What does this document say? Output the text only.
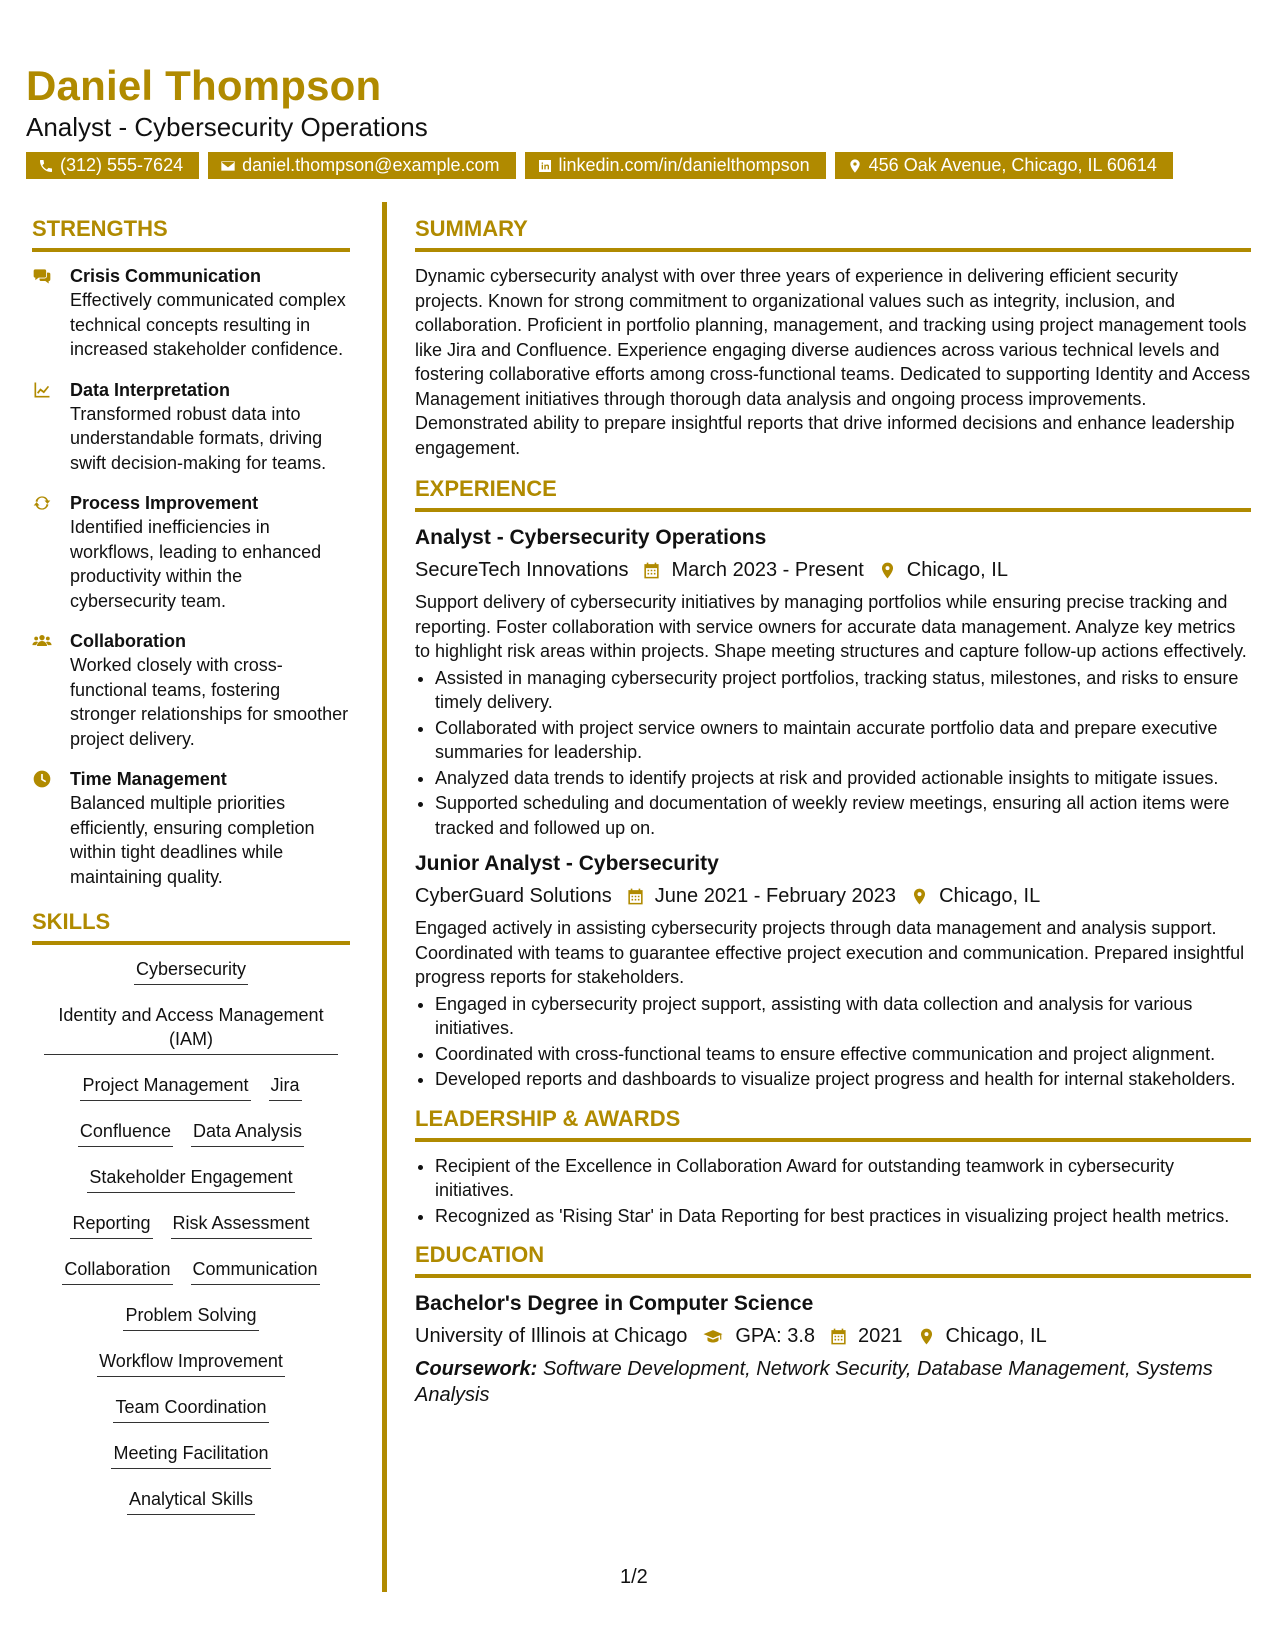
Daniel Thompson
Analyst - Cybersecurity Operations
(312) 555-7624	daniel.thompson@example.com	linkedin.com/in/danielthompson	456 Oak Avenue, Chicago, IL 60614
STRENGTHS
Crisis Communication

Effectively communicated complex technical concepts resulting in increased stakeholder confidence.

Data Interpretation

Transformed robust data into understandable formats, driving swift decision-making for teams.

Process Improvement

Identified inefficiencies in workflows, leading to enhanced productivity within the cybersecurity team.

Collaboration

Worked closely with cross-functional teams, fostering stronger relationships for smoother project delivery.

Time Management

Balanced multiple priorities efficiently, ensuring completion within tight deadlines while maintaining quality.

SKILLS
Cybersecurity
Identity and Access Management (IAM)
Project Management Jira
Confluence Data Analysis
Stakeholder Engagement
Reporting Risk Assessment
Collaboration Communication
Problem Solving
Workflow Improvement
Team Coordination
Meeting Facilitation
Analytical Skills
SUMMARY

Dynamic cybersecurity analyst with over three years of experience in delivering efficient security projects. Known for strong commitment to organizational values such as integrity, inclusion, and collaboration. Proficient in portfolio planning, management, and tracking using project management tools like Jira and Confluence. Experience engaging diverse audiences across various technical levels and fostering collaborative efforts among cross-functional teams. Dedicated to supporting Identity and Access Management initiatives through thorough data analysis and ongoing process improvements. Demonstrated ability to prepare insightful reports that drive informed decisions and enhance leadership engagement.

EXPERIENCE
Analyst - Cybersecurity Operations
SecureTech Innovations March 2023 - Present Chicago, IL

Support delivery of cybersecurity initiatives by managing portfolios while ensuring precise tracking and reporting. Foster collaboration with service owners for accurate data management. Analyze key metrics to highlight risk areas within projects. Shape meeting structures and capture follow-up actions effectively.

• Assisted in managing cybersecurity project portfolios, tracking status, milestones, and risks to ensure timely delivery.
• Collaborated with project service owners to maintain accurate portfolio data and prepare executive summaries for leadership.
• Analyzed data trends to identify projects at risk and provided actionable insights to mitigate issues.
• Supported scheduling and documentation of weekly review meetings, ensuring all action items were tracked and followed up on.
Junior Analyst - Cybersecurity
CyberGuard Solutions June 2021 - February 2023 Chicago, IL

Engaged actively in assisting cybersecurity projects through data management and analysis support. Coordinated with teams to guarantee effective project execution and communication. Prepared insightful progress reports for stakeholders.

• Engaged in cybersecurity project support, assisting with data collection and analysis for various initiatives.
• Coordinated with cross-functional teams to ensure effective communication and project alignment.
• Developed reports and dashboards to visualize project progress and health for internal stakeholders.
LEADERSHIP & AWARDS
• Recipient of the Excellence in Collaboration Award for outstanding teamwork in cybersecurity initiatives.
• Recognized as 'Rising Star' in Data Reporting for best practices in visualizing project health metrics.
EDUCATION
Bachelor's Degree in Computer Science
University of Illinois at Chicago GPA: 3.8 2021 Chicago, IL
Coursework: Software Development, Network Security, Database Management, Systems Analysis
1/2
